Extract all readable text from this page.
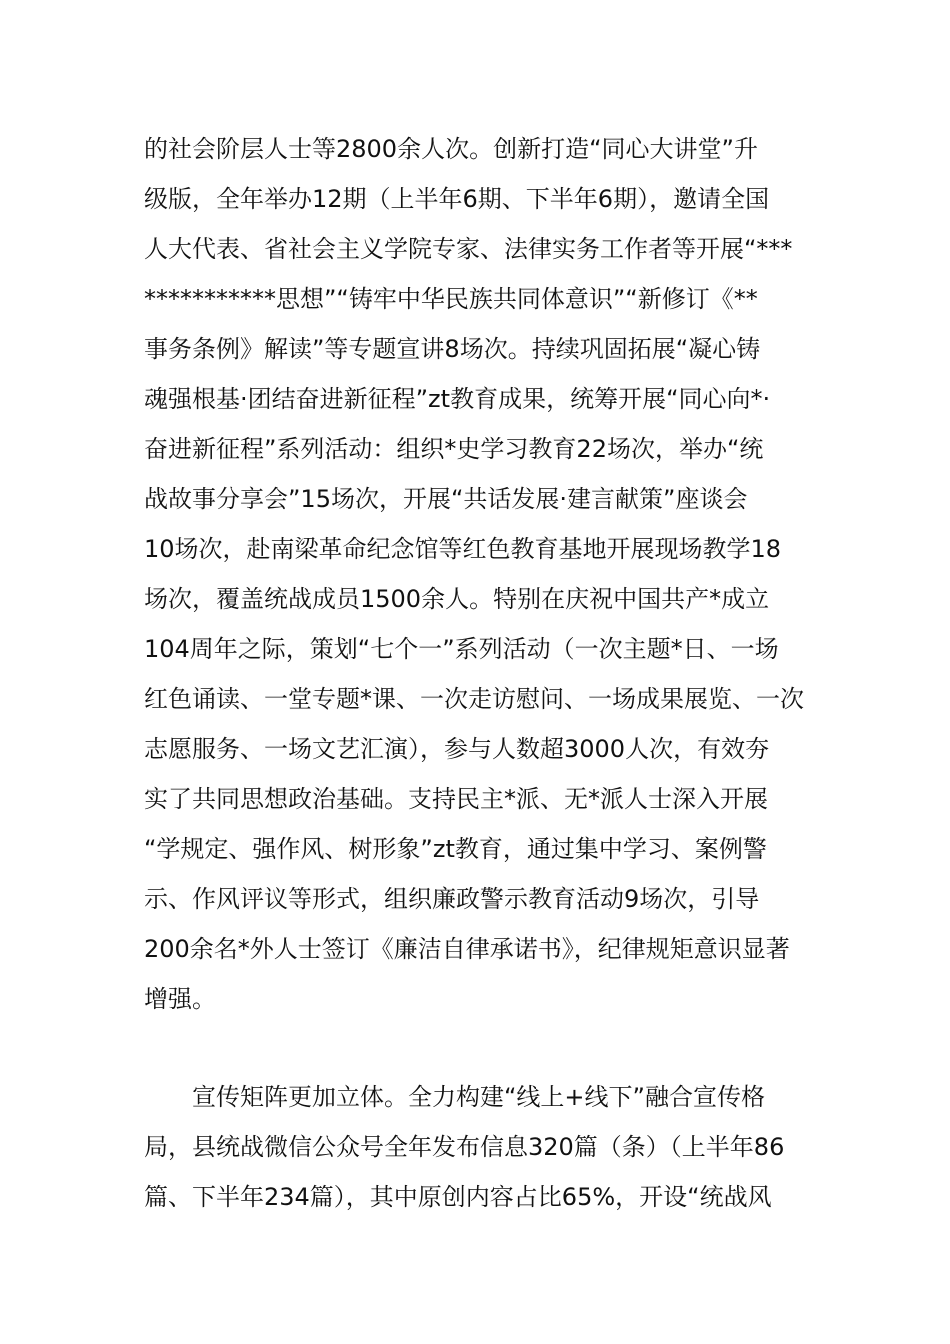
的社会阶层人士等2800余人次。创新打造“同心大讲堂”升
级版，全年举办12期（上半年6期、下半年6期），邀请全国
人大代表、省社会主义学院专家、法律实务工作者等开展“***
***********思想”“铸牢中华民族共同体意识”“新修订《**
事务条例》解读”等专题宣讲8场次。持续巩固拓展“凝心铸
魂强根基·团结奋进新征程”zt教育成果，统筹开展“同心向*·
奋进新征程”系列活动：组织*史学习教育22场次，举办“统
战故事分享会”15场次，开展“共话发展·建言献策”座谈会
10场次，赴南梁革命纪念馆等红色教育基地开展现场教学18
场次，覆盖统战成员1500余人。特别在庆祝中国共产*成立
104周年之际，策划“七个一”系列活动（一次主题*日、一场
红色诵读、一堂专题*课、一次走访慰问、一场成果展览、一次
志愿服务、一场文艺汇演），参与人数超3000人次，有效夯
实了共同思想政治基础。支持民主*派、无*派人士深入开展
“学规定、强作风、树形象”zt教育，通过集中学习、案例警
示、作风评议等形式，组织廉政警示教育活动9场次，引导
200余名*外人士签订《廉洁自律承诺书》，纪律规矩意识显著
增强。
宣传矩阵更加立体。全力构建“线上+线下”融合宣传格
局，县统战微信公众号全年发布信息320篇（条）（上半年86
篇、下半年234篇），其中原创内容占比65%，开设“统战风
